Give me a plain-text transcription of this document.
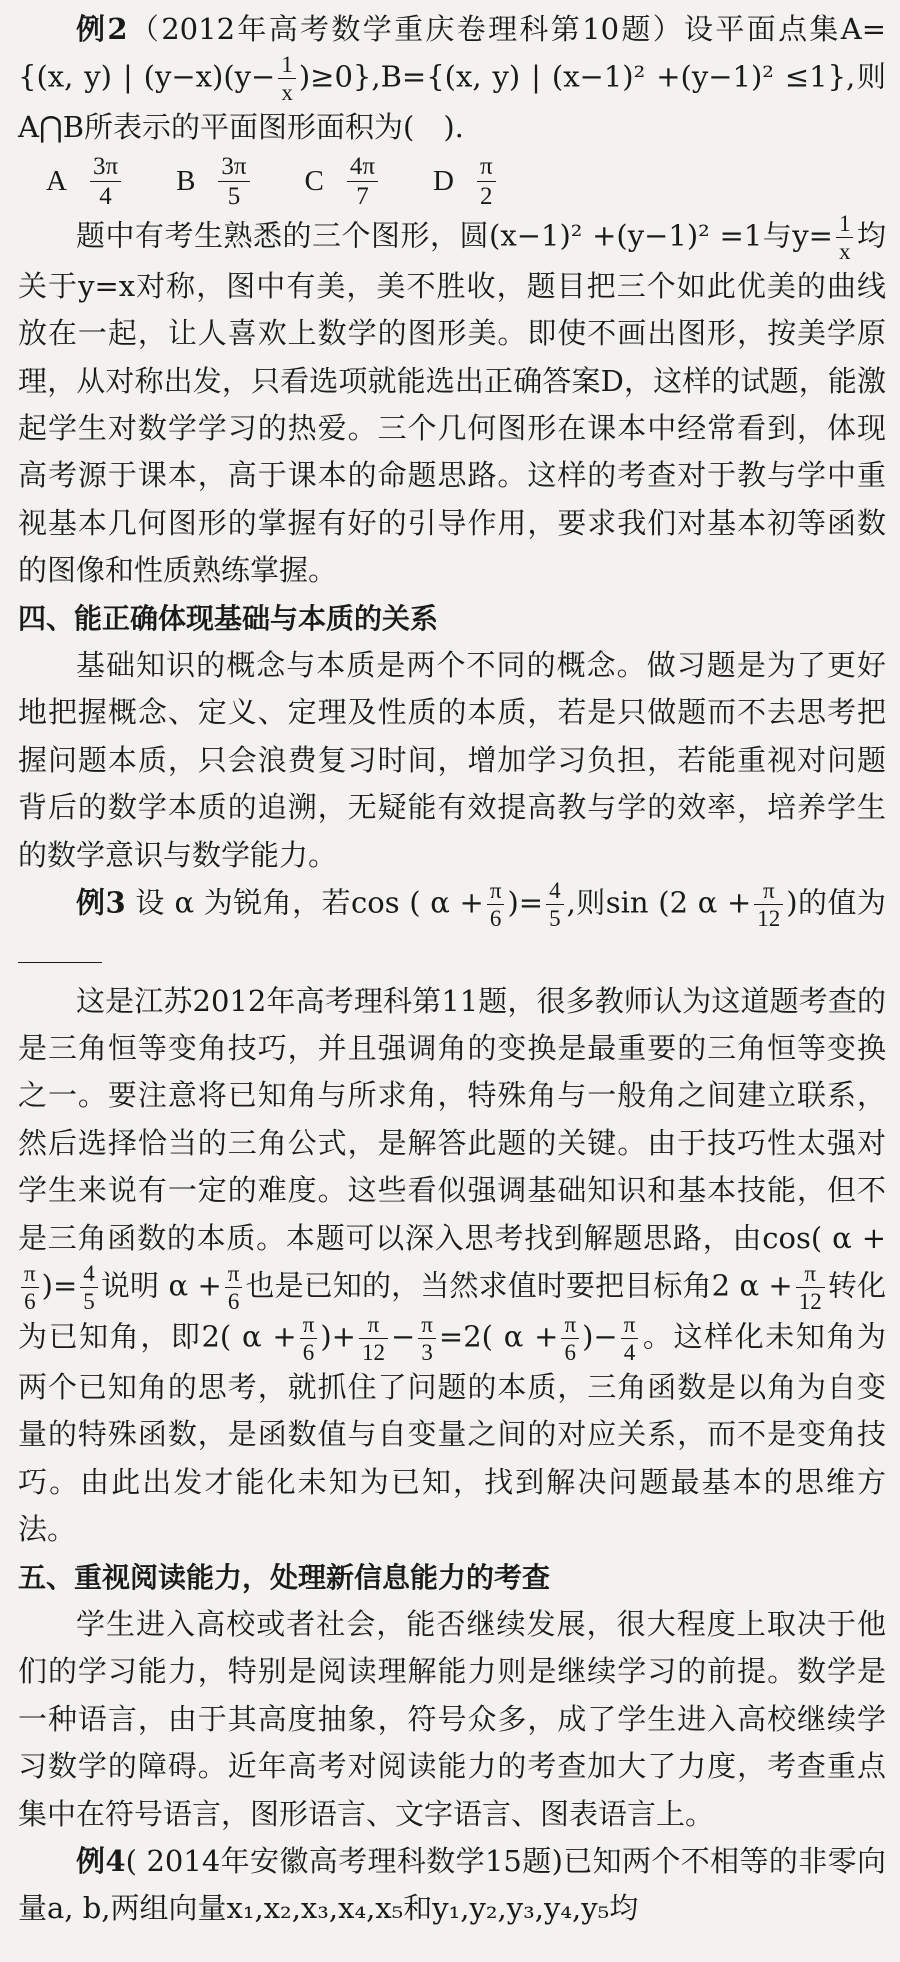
例2（2012年高考数学重庆卷理科第10题）设平面点集A={(x, y) | $(y-x)(y- \frac{1}{x} )\ge 0\},B=\{(x$, y) | (x−1)² +(y−1)² ≤1},则A⋂B所表示的平面图形面积为(　).
A $\frac{3\pi}{4}$ B $\frac{3\pi}{5}$ C $\frac{4\pi}{7}$ D $\frac{\pi}{2}$
题中有考生熟悉的三个图形，圆(x−1)² +(y−1)² =1与$y= \frac{1}{x}$ 均关于y=x对称，图中有美，美不胜收，题目把三个如此优美的曲线放在一起，让人喜欢上数学的图形美。即使不画出图形，按美学原理，从对称出发，只看选项就能选出正确答案D，这样的试题，能激起学生对数学学习的热爱。三个几何图形在课本中经常看到，体现高考源于课本，高于课本的命题思路。这样的考查对于教与学中重视基本几何图形的掌握有好的引导作用，要求我们对基本初等函数的图像和性质熟练掌握。
四、能正确体现基础与本质的关系
基础知识的概念与本质是两个不同的概念。做习题是为了更好地把握概念、定义、定理及性质的本质，若是只做题而不去思考把握问题本质，只会浪费复习时间，增加学习负担，若能重视对问题背后的数学本质的追溯，无疑能有效提高教与学的效率，培养学生的数学意识与数学能力。
例3 设 α 为锐角，若cos ( $\alpha + \frac{\pi}{6}$ )= $\frac{4}{5}$ ,则sin (2 $\alpha + \frac{\pi}{12}$ )的值为
这是江苏2012年高考理科第11题，很多教师认为这道题考查的是三角恒等变角技巧，并且强调角的变换是最重要的三角恒等变换之一。要注意将已知角与所求角，特殊角与一般角之间建立联系，然后选择恰当的三角公式，是解答此题的关键。由于技巧性太强对学生来说有一定的难度。这些看似强调基础知识和基本技能，但不是三角函数的本质。本题可以深入思考找到解题思路，由cos( α +
$\frac{\pi}{6}$ )= $\frac{4}{5}$ 说明 $\alpha + \frac{\pi}{6}$ 也是已知的，当然求值时要把目标角2 $\alpha + \frac{\pi}{12}$ 转化为已知角，即2( $\alpha + \frac{\pi}{6}$ )+ $\frac{\pi}{12} - \frac{\pi}{3} =2$( $\alpha + \frac{\pi}{6}$ )− $\frac{\pi}{4}$ 。这样化未知角为两个已知角的思考，就抓住了问题的本质，三角函数是以角为自变量的特殊函数，是函数值与自变量之间的对应关系，而不是变角技巧。由此出发才能化未知为已知，找到解决问题最基本的思维方法。
五、重视阅读能力，处理新信息能力的考查
学生进入高校或者社会，能否继续发展，很大程度上取决于他们的学习能力，特别是阅读理解能力则是继续学习的前提。数学是一种语言，由于其高度抽象，符号众多，成了学生进入高校继续学习数学的障碍。近年高考对阅读能力的考查加大了力度，考查重点集中在符号语言，图形语言、文字语言、图表语言上。
例4( 2014年安徽高考理科数学15题)已知两个不相等的非零向量a, b,两组向量x₁,x₂,x₃,x₄,x₅和y₁,y₂,y₃,y₄,y₅均
